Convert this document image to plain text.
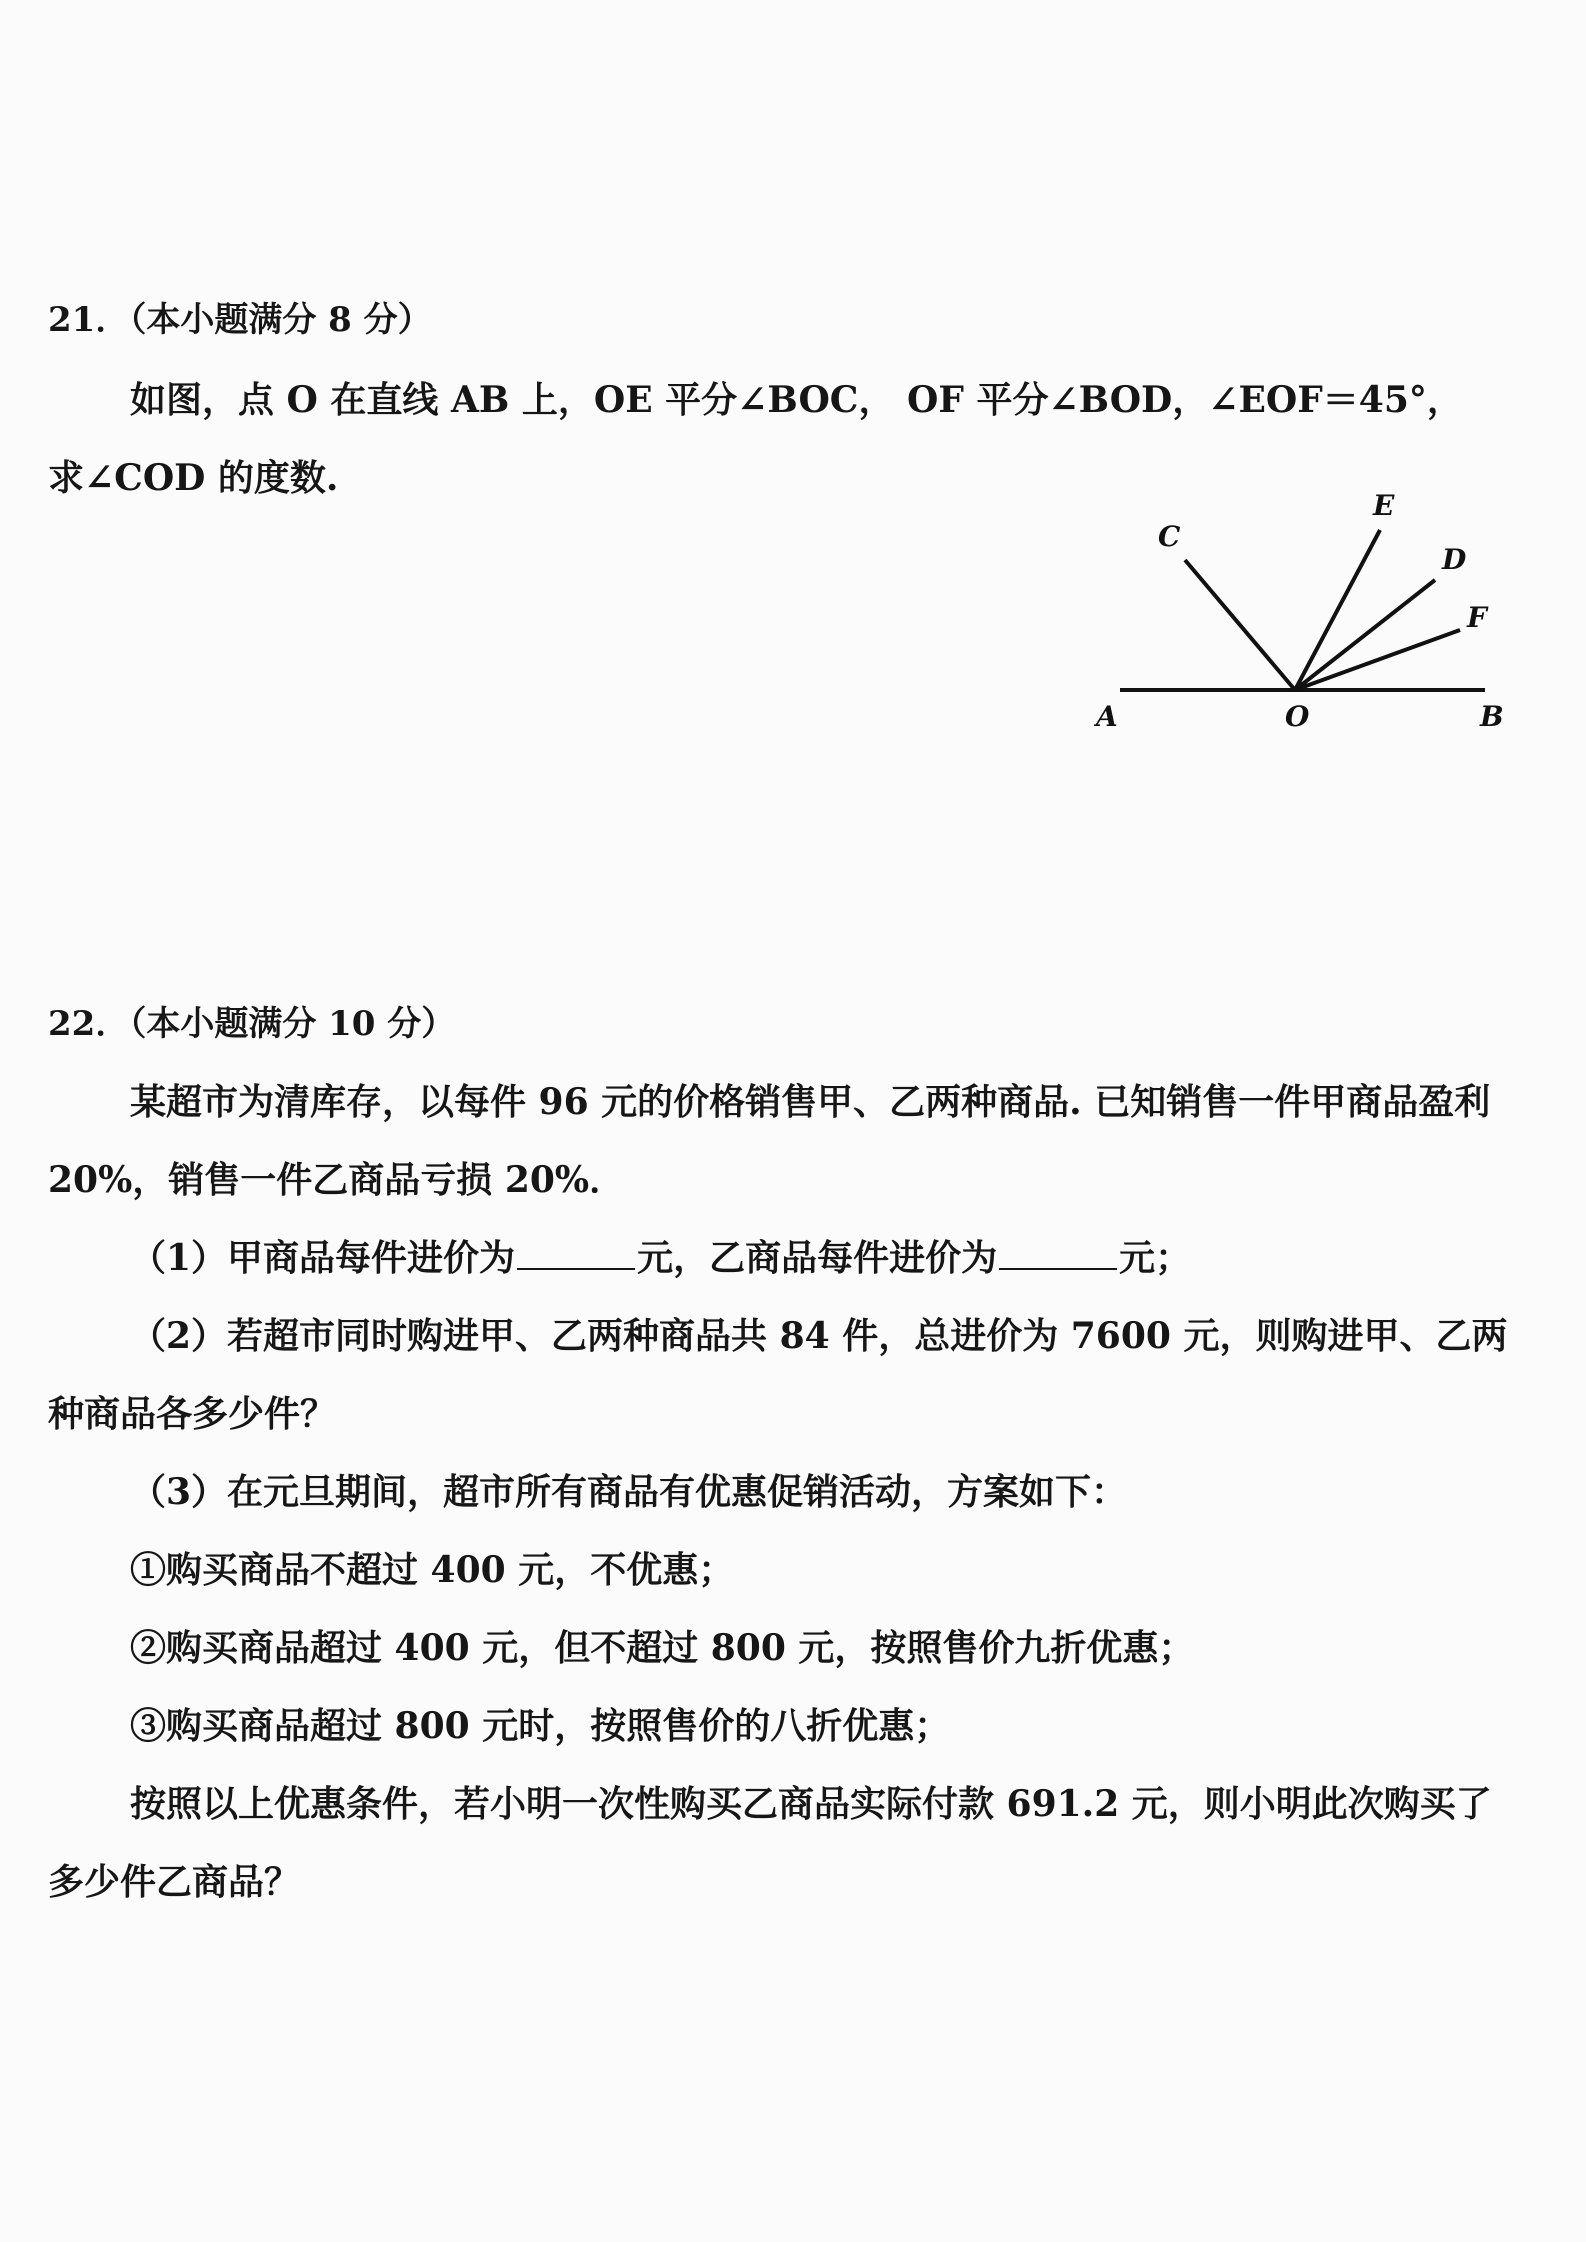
21．（本小题满分 8 分）
如图，点 O 在直线 AB 上，OE 平分∠BOC， OF 平分∠BOD，∠EOF＝45°，
求∠COD 的度数.
A	O	B
C
E
D
F
22．（本小题满分 10 分）
某超市为清库存，以每件 96 元的价格销售甲、乙两种商品. 已知销售一件甲商品盈利
20%，销售一件乙商品亏损 20%．
（1）甲商品每件进价为	元，乙商品每件进价为	元；
（2）若超市同时购进甲、乙两种商品共 84 件，总进价为 7600 元，则购进甲、乙两
种商品各多少件？
（3）在元旦期间，超市所有商品有优惠促销活动，方案如下：
①购买商品不超过 400 元，不优惠；
②购买商品超过 400 元，但不超过 800 元，按照售价九折优惠；
③购买商品超过 800 元时，按照售价的八折优惠；
按照以上优惠条件，若小明一次性购买乙商品实际付款 691.2 元，则小明此次购买了
多少件乙商品？
